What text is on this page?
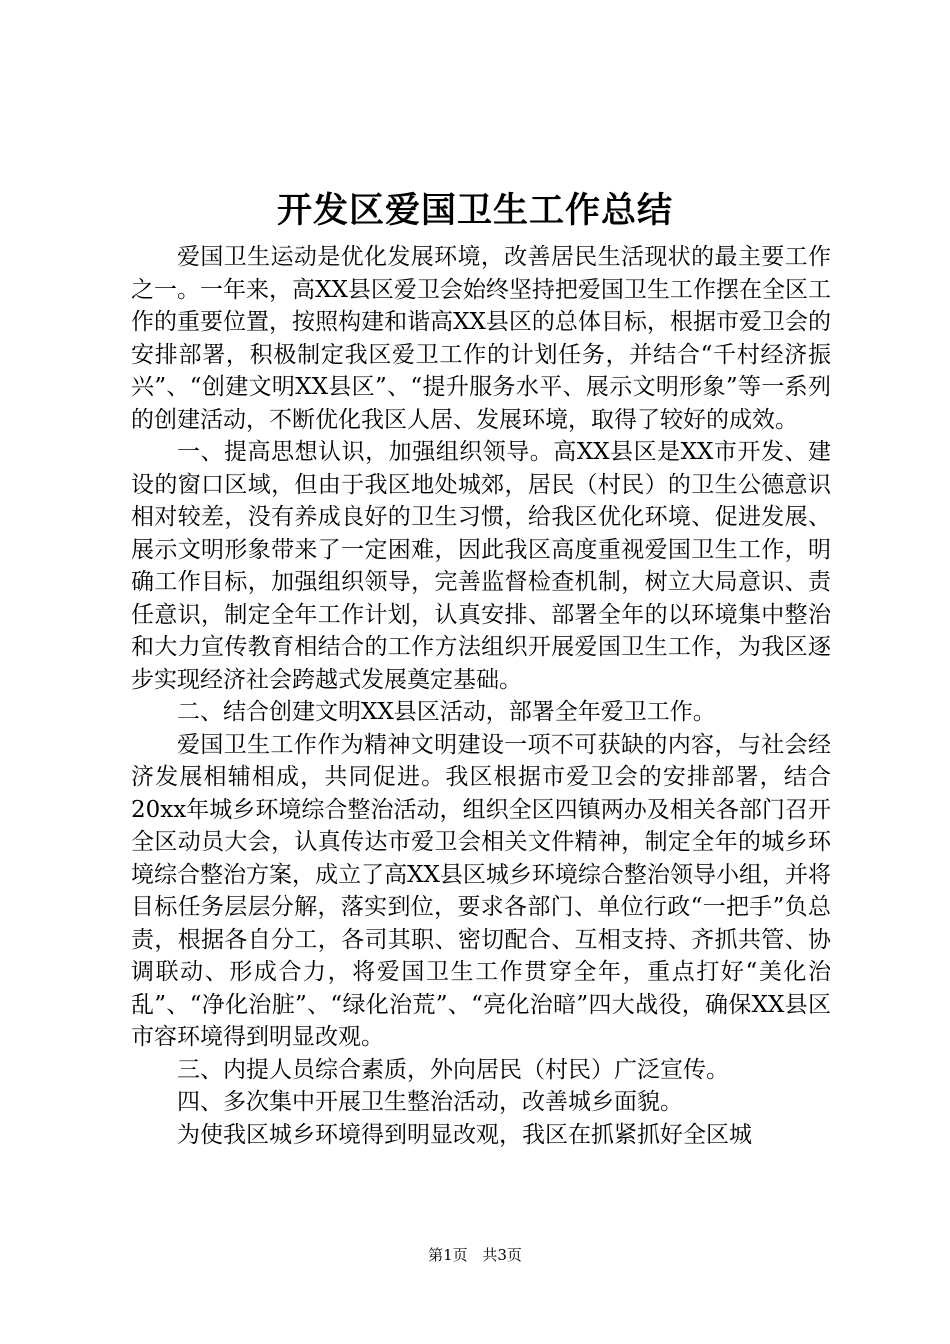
开发区爱国卫生工作总结

爱国卫生运动是优化发展环境，改善居民生活现状的最主要工作之一。一年来，高XX县区爱卫会始终坚持把爱国卫生工作摆在全区工作的重要位置，按照构建和谐高XX县区的总体目标，根据市爱卫会的安排部署，积极制定我区爱卫工作的计划任务，并结合“千村经济振兴”、“创建文明XX县区”、“提升服务水平、展示文明形象”等一系列的创建活动，不断优化我区人居、发展环境，取得了较好的成效。

一、提高思想认识，加强组织领导。高XX县区是XX市开发、建设的窗口区域，但由于我区地处城郊，居民（村民）的卫生公德意识相对较差，没有养成良好的卫生习惯，给我区优化环境、促进发展、展示文明形象带来了一定困难，因此我区高度重视爱国卫生工作，明确工作目标，加强组织领导，完善监督检查机制，树立大局意识、责任意识，制定全年工作计划，认真安排、部署全年的以环境集中整治和大力宣传教育相结合的工作方法组织开展爱国卫生工作，为我区逐步实现经济社会跨越式发展奠定基础。

二、结合创建文明XX县区活动，部署全年爱卫工作。

爱国卫生工作作为精神文明建设一项不可获缺的内容，与社会经济发展相辅相成，共同促进。我区根据市爱卫会的安排部署，结合20xx年城乡环境综合整治活动，组织全区四镇两办及相关各部门召开全区动员大会，认真传达市爱卫会相关文件精神，制定全年的城乡环境综合整治方案，成立了高XX县区城乡环境综合整治领导小组，并将目标任务层层分解，落实到位，要求各部门、单位行政“一把手”负总责，根据各自分工，各司其职、密切配合、互相支持、齐抓共管、协调联动、形成合力，将爱国卫生工作贯穿全年，重点打好“美化治乱”、“净化治脏”、“绿化治荒”、“亮化治暗”四大战役，确保XX县区市容环境得到明显改观。

三、内提人员综合素质，外向居民（村民）广泛宣传。

四、多次集中开展卫生整治活动，改善城乡面貌。

为使我区城乡环境得到明显改观，我区在抓紧抓好全区城

第1页 共3页
